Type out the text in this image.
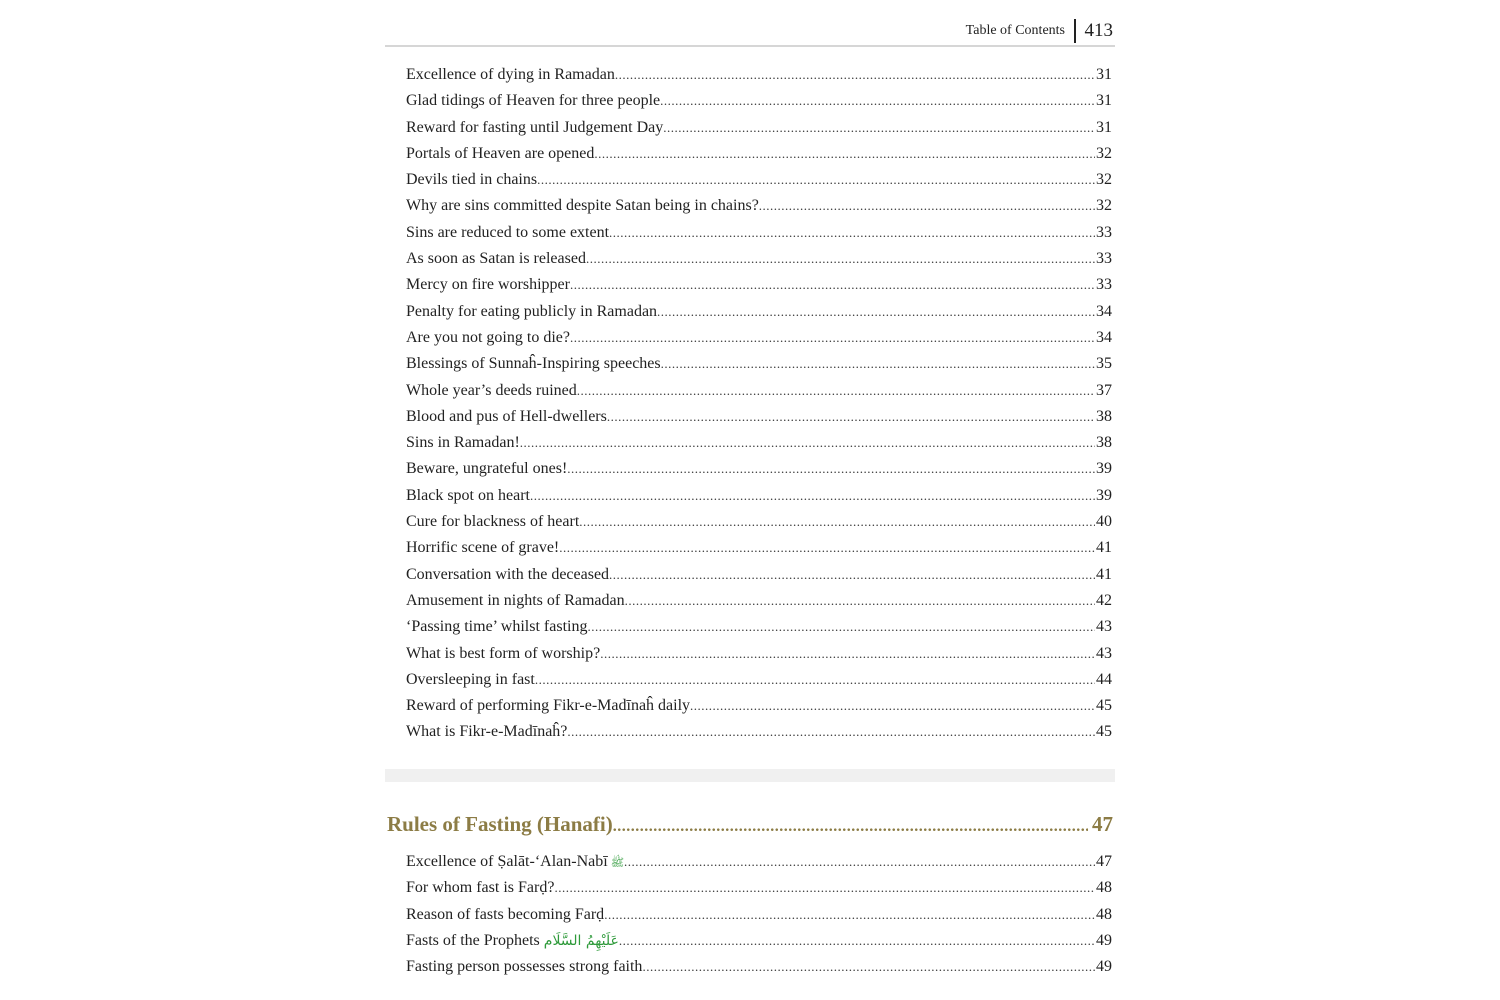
Table of Contents	413
Excellence of dying in Ramadan .....	31
Glad tidings of Heaven for three people .....	31
Reward for fasting until Judgement Day .....	31
Portals of Heaven are opened .....	32
Devils tied in chains .....	32
Why are sins committed despite Satan being in chains? .....	32
Sins are reduced to some extent .....	33
As soon as Satan is released .....	33
Mercy on fire worshipper .....	33
Penalty for eating publicly in Ramadan .....	34
Are you not going to die? .....	34
Blessings of Sunnaĥ-Inspiring speeches .....	35
Whole year’s deeds ruined .....	37
Blood and pus of Hell-dwellers .....	38
Sins in Ramadan! .....	38
Beware, ungrateful ones! .....	39
Black spot on heart .....	39
Cure for blackness of heart .....	40
Horrific scene of grave! .....	41
Conversation with the deceased .....	41
Amusement in nights of Ramadan .....	42
‘Passing time’ whilst fasting .....	43
What is best form of worship? .....	43
Oversleeping in fast .....	44
Reward of performing Fikr-e-Madīnaĥ daily .....	45
What is Fikr-e-Madīnaĥ? .....	45
Rules of Fasting (Hanafi) .....	47
Excellence of Ṣalāt-‘Alan-Nabī ﷺ .....	47
For whom fast is Farḍ? .....	48
Reason of fasts becoming Farḍ .....	48
Fasts of the Prophets عَلَيْهِمُ السَّلَام .....	49
Fasting person possesses strong faith .....	49
